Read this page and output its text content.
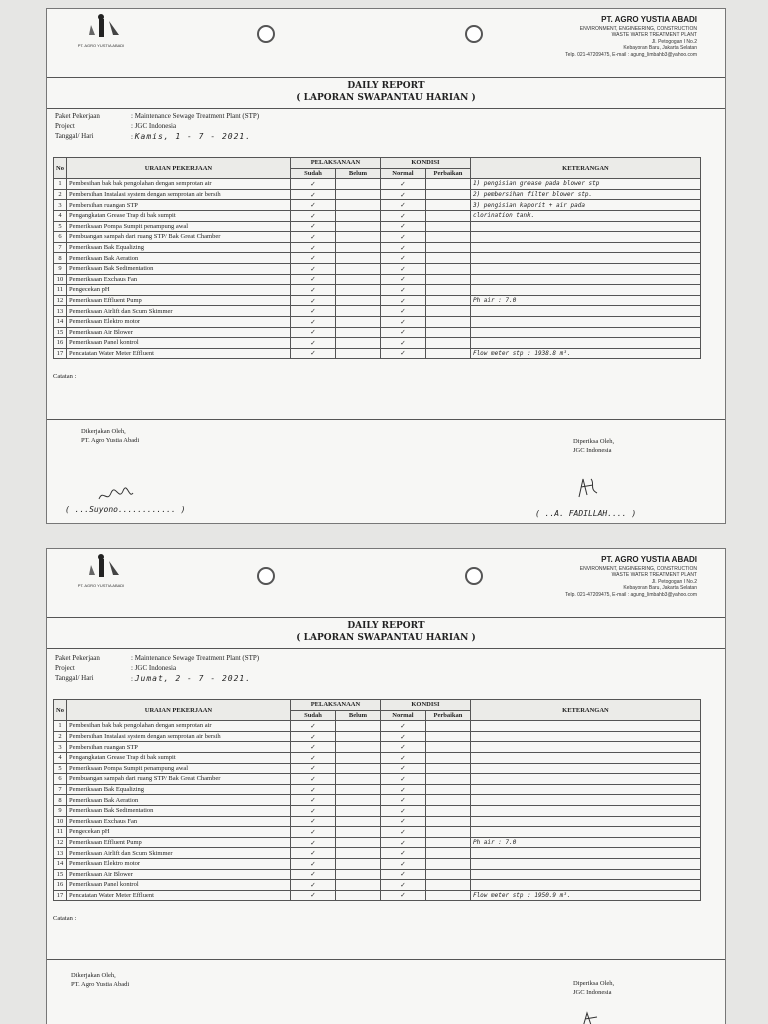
PT. AGRO YUSTIA ABADI
PT. AGRO YUSTIA ABADI
ENVIRONMENT, ENGINEERING, CONSTRUCTION
WASTE WATER TREATMENT PLANT
Jl. Petogogan I No.2
Kebayoran Baru, Jakarta Selatan
Telp. 021-47209475, E-mail : agung_limbahb3@yahoo.com
DAILY REPORT
( LAPORAN SWAPANTAU HARIAN )
Paket Pekerjaan	: Maintenance Sewage Treatment Plant (STP)
Project	: JGC Indonesia
Tanggal/ Hari	: Kamis, 1 - 7 - 2021.
No	URAIAN PEKERJAAN	PELAKSANAAN		KONDISI		KETERANGAN
		Sudah	Belum	Normal	Perbaikan	
1	Pembesihan bak bak pengolahan dengan semprotan air	✓		✓		1) pengisian grease pada blower stp
2	Pembersihan Instalasi system dengan semprotan air bersih	✓		✓		2) pembersihan filter blower stp.
3	Pembersihan ruangan STP	✓		✓		3) pengisian kaporit + air pada
4	Pengangkatan Grease Trap di bak sumpit	✓		✓		clorination tank.
5	Pemeriksaan Pompa Sumpit penampung awal	✓		✓		
6	Pembuangan sampah dari ruang STP/ Bak Great Chamber	✓		✓		
7	Pemeriksaan Bak Equalizing	✓		✓		
8	Pemeriksaan Bak Aeration	✓		✓		
9	Pemeriksaan Bak Sedimentation	✓		✓		
10	Pemeriksaan Exchaus Fan	✓		✓		
11	Pengecekan pH	✓		✓		
12	Pemeriksaan Effluent Pump	✓		✓		Ph air : 7.0
13	Pemeriksaan Airlift dan Scum Skimmer	✓		✓		
14	Pemeriksaan Elektro motor	✓		✓		
15	Pemeriksaan Air Blower	✓		✓		
16	Pemeriksaan Panel kontrol	✓		✓		
17	Pencatatan Water Meter Effluent	✓		✓		Flow meter stp : 1938.8 m³.
Catatan :
Dikerjakan Oleh,
PT. Agro Yustia Abadi
( ...Suyono............ )
Diperiksa Oleh,
JGC Indonesia
( ..A. FADILLAH.... )
PT. AGRO YUSTIA ABADI
PT. AGRO YUSTIA ABADI
ENVIRONMENT, ENGINEERING, CONSTRUCTION
WASTE WATER TREATMENT PLANT
Jl. Petogogan I No.2
Kebayoran Baru, Jakarta Selatan
Telp. 021-47209475, E-mail : agung_limbahb3@yahoo.com
DAILY REPORT
( LAPORAN SWAPANTAU HARIAN )
Paket Pekerjaan	: Maintenance Sewage Treatment Plant (STP)
Project	: JGC Indonesia
Tanggal/ Hari	: Jumat, 2 - 7 - 2021.
No	URAIAN PEKERJAAN	PELAKSANAAN		KONDISI		KETERANGAN
		Sudah	Belum	Normal	Perbaikan	
1	Pembesihan bak bak pengolahan dengan semprotan air	✓		✓		
2	Pembersihan Instalasi system dengan semprotan air bersih	✓		✓		
3	Pembersihan ruangan STP	✓		✓		
4	Pengangkatan Grease Trap di bak sumpit	✓		✓		
5	Pemeriksaan Pompa Sumpit penampung awal	✓		✓		
6	Pembuangan sampah dari ruang STP/ Bak Great Chamber	✓		✓		
7	Pemeriksaan Bak Equalizing	✓		✓		
8	Pemeriksaan Bak Aeration	✓		✓		
9	Pemeriksaan Bak Sedimentation	✓		✓		
10	Pemeriksaan Exchaus Fan	✓		✓		
11	Pengecekan pH	✓		✓		
12	Pemeriksaan Effluent Pump	✓		✓		Ph air : 7.0
13	Pemeriksaan Airlift dan Scum Skimmer	✓		✓		
14	Pemeriksaan Elektro motor	✓		✓		
15	Pemeriksaan Air Blower	✓		✓		
16	Pemeriksaan Panel kontrol	✓		✓		
17	Pencatatan Water Meter Effluent	✓		✓		Flow meter stp : 1950.9 m³.
Catatan :
Dikerjakan Oleh,
PT. Agro Yustia Abadi	Diperiksa Oleh,
JGC Indonesia
